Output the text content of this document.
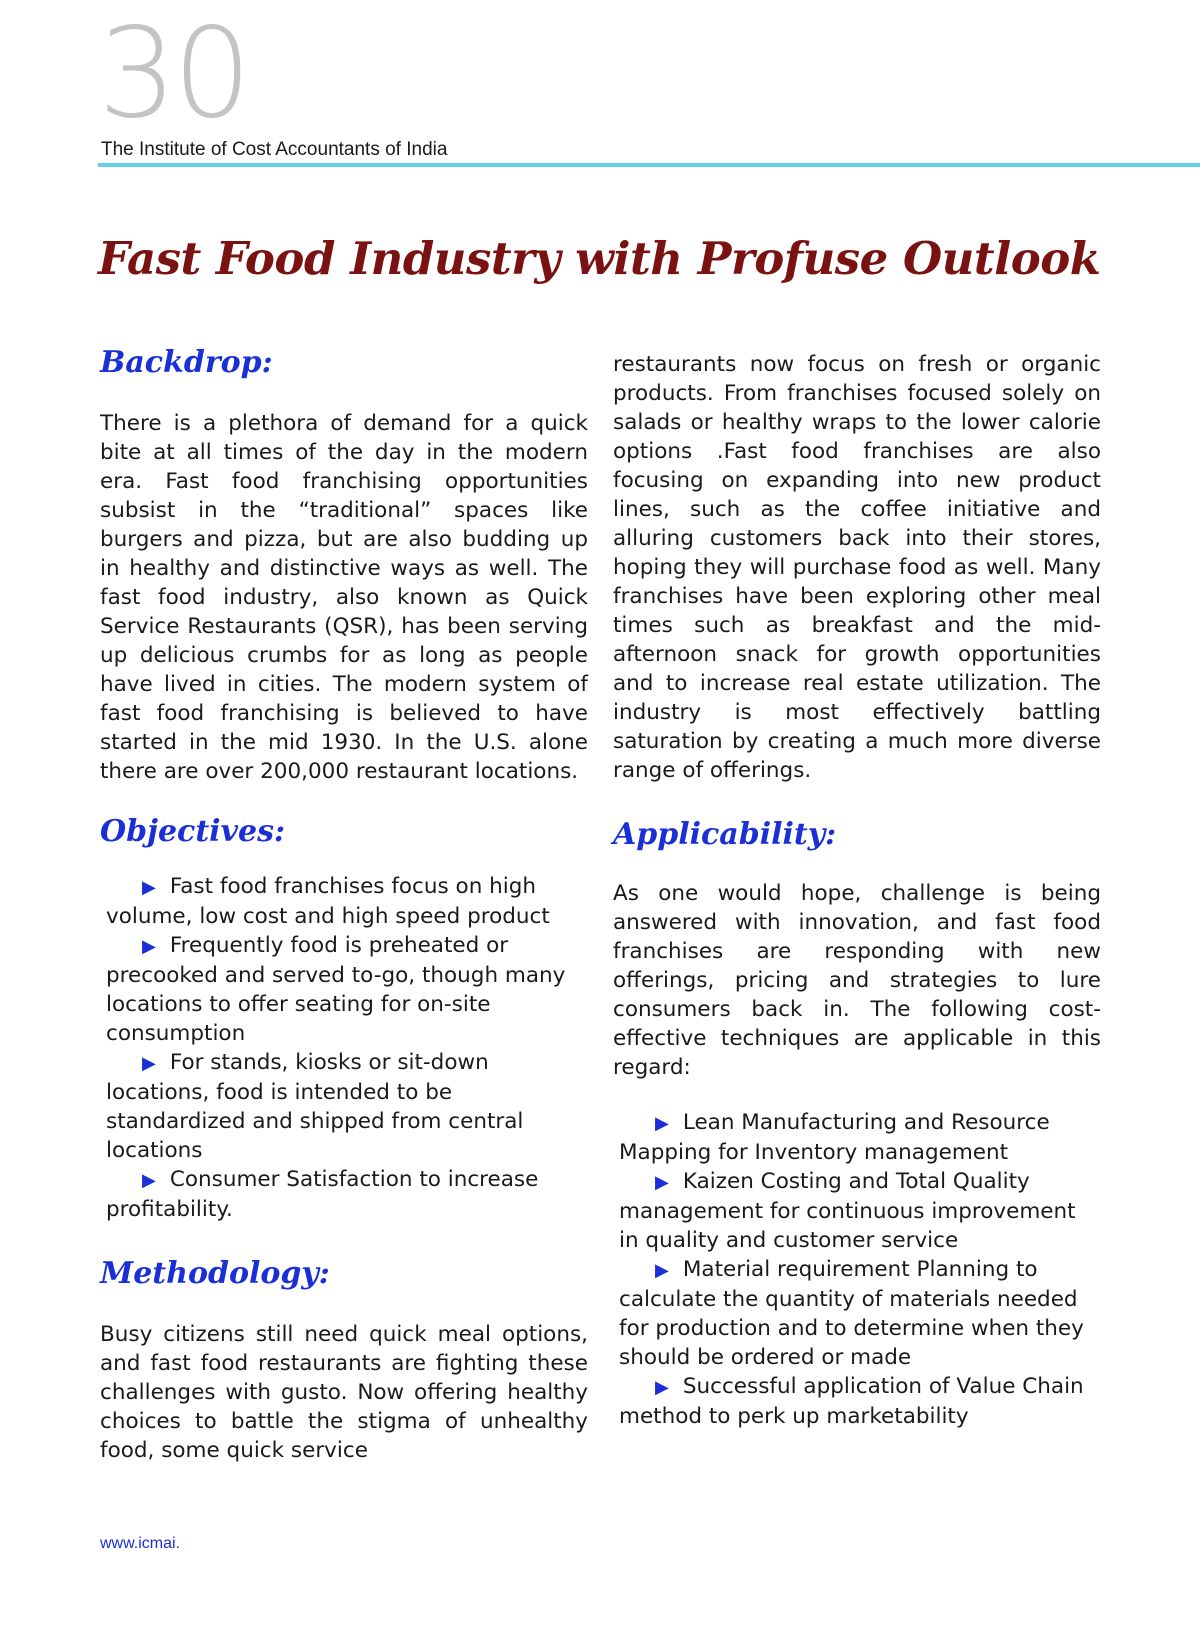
30
The Institute of Cost Accountants of India
Fast Food Industry with Profuse Outlook
Backdrop:

There is a plethora of demand for a quick bite at all times of the day in the modern era. Fast food franchising opportunities subsist in the “traditional” spaces like burgers and pizza, but are also budding up in healthy and distinctive ways as well. The fast food industry, also known as Quick Service Restaurants (QSR), has been serving up delicious crumbs for as long as people have lived in cities. The modern system of fast food franchising is believed to have started in the mid 1930. In the U.S. alone there are over 200,000 restaurant locations.

Objectives:
▶ Fast food franchises focus on high volume, low cost and high speed product
▶ Frequently food is preheated or precooked and served to-go, though many locations to offer seating for on-site consumption
▶ For stands, kiosks or sit-down locations, food is intended to be standardized and shipped from central locations
▶ Consumer Satisfaction to increase profitability.
Methodology:

Busy citizens still need quick meal options, and fast food restaurants are fighting these challenges with gusto. Now offering healthy choices to battle the stigma of unhealthy food, some quick service

restaurants now focus on fresh or organic products. From franchises focused solely on salads or healthy wraps to the lower calorie options .Fast food franchises are also focusing on expanding into new product lines, such as the coffee initiative and alluring customers back into their stores, hoping they will purchase food as well. Many franchises have been exploring other meal times such as breakfast and the mid-afternoon snack for growth opportunities and to increase real estate utilization. The industry is most effectively battling saturation by creating a much more diverse range of offerings.

Applicability:

As one would hope, challenge is being answered with innovation, and fast food franchises are responding with new offerings, pricing and strategies to lure consumers back in. The following cost-effective techniques are applicable in this regard:

▶ Lean Manufacturing and Resource Mapping for Inventory management
▶ Kaizen Costing and Total Quality management for continuous improvement in quality and customer service
▶ Material requirement Planning to calculate the quantity of materials needed for production and to determine when they should be ordered or made
▶ Successful application of Value Chain method to perk up marketability
www.icmai.
